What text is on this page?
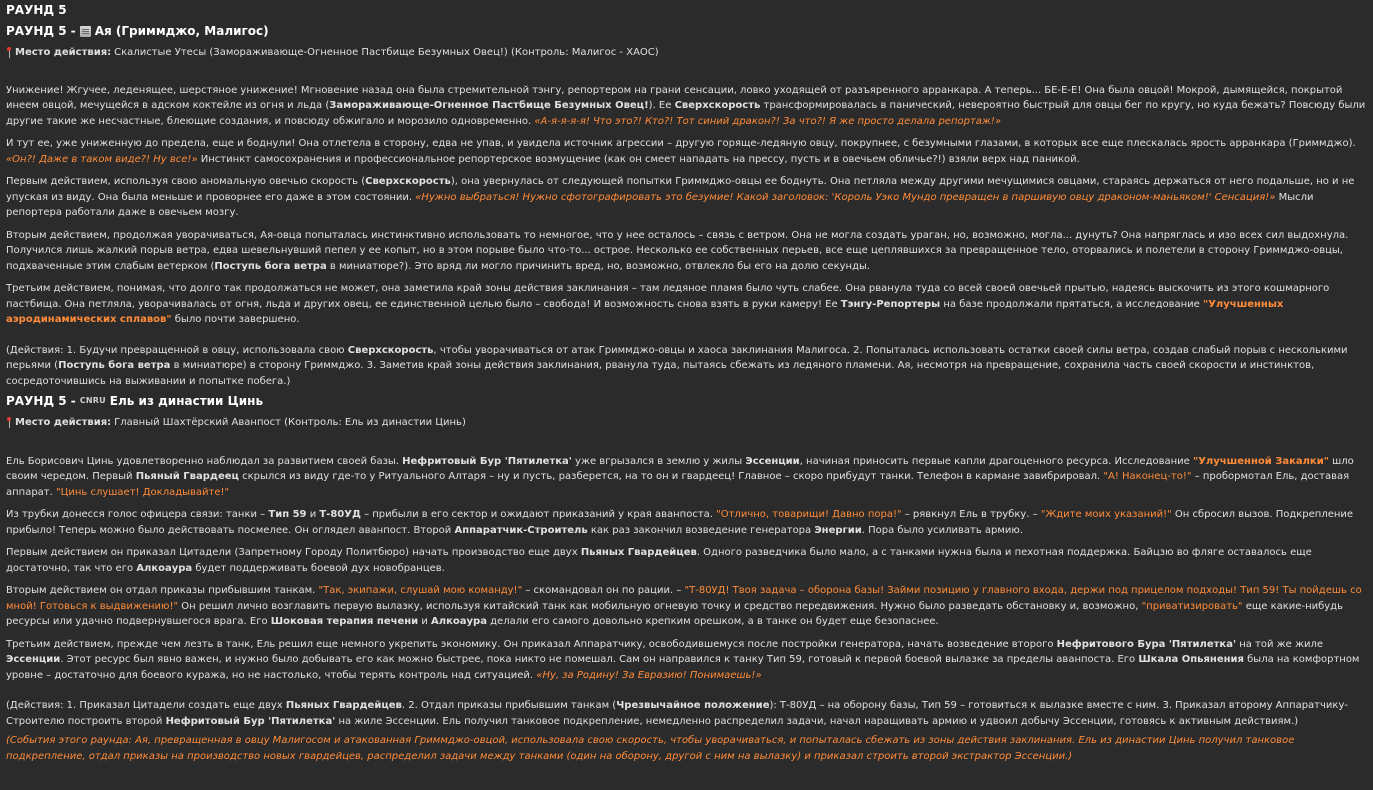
РАУНД 5
РАУНД 5 - Ая (Гриммджо, Малигос)
Место действия: Скалистые Утесы (Замораживающе-Огненное Пастбище Безумных Овец!) (Контроль: Малигос - ХАОС)

Унижение! Жгучее, леденящее, шерстяное унижение! Мгновение назад она была стремительной тэнгу, репортером на грани сенсации, ловко уходящей от разъяренного арранкара. А теперь... БЕ-Е-Е! Она была овцой! Мокрой, дымящейся, покрытой инеем овцой, мечущейся в адском коктейле из огня и льда (Замораживающе-Огненное Пастбище Безумных Овец!). Ее Сверхскорость трансформировалась в панический, невероятно быстрый для овцы бег по кругу, но куда бежать? Повсюду были другие такие же несчастные, блеющие создания, и повсюду обжигало и морозило одновременно. «А-я-я-я-я! Что это?! Кто?! Тот синий дракон?! За что?! Я же просто делала репортаж!»

И тут ее, уже униженную до предела, еще и боднули! Она отлетела в сторону, едва не упав, и увидела источник агрессии – другую горяще-ледяную овцу, покрупнее, с безумными глазами, в которых все еще плескалась ярость арранкара (Гриммджо). «Он?! Даже в таком виде?! Ну все!» Инстинкт самосохранения и профессиональное репортерское возмущение (как он смеет нападать на прессу, пусть и в овечьем обличье?!) взяли верх над паникой.

Первым действием, используя свою аномальную овечью скорость (Сверхскорость), она увернулась от следующей попытки Гриммджо-овцы ее боднуть. Она петляла между другими мечущимися овцами, стараясь держаться от него подальше, но и не упуская из виду. Она была меньше и проворнее его даже в этом состоянии. «Нужно выбраться! Нужно сфотографировать это безумие! Какой заголовок: 'Король Уэко Мундо превращен в паршивую овцу драконом-маньяком!' Сенсация!» Мысли репортера работали даже в овечьем мозгу.

Вторым действием, продолжая уворачиваться, Ая-овца попыталась инстинктивно использовать то немногое, что у нее осталось – связь с ветром. Она не могла создать ураган, но, возможно, могла... дунуть? Она напряглась и изо всех сил выдохнула. Получился лишь жалкий порыв ветра, едва шевельнувший пепел у ее копыт, но в этом порыве было что-то... острое. Несколько ее собственных перьев, все еще цеплявшихся за превращенное тело, оторвались и полетели в сторону Гриммджо-овцы, подхваченные этим слабым ветерком (Поступь бога ветра в миниатюре?). Это вряд ли могло причинить вред, но, возможно, отвлекло бы его на долю секунды.

Третьим действием, понимая, что долго так продолжаться не может, она заметила край зоны действия заклинания – там ледяное пламя было чуть слабее. Она рванула туда со всей своей овечьей прытью, надеясь выскочить из этого кошмарного пастбища. Она петляла, уворачивалась от огня, льда и других овец, ее единственной целью было – свобода! И возможность снова взять в руки камеру! Ее Тэнгу-Репортеры на базе продолжали прятаться, а исследование "Улучшенных аэродинамических сплавов" было почти завершено.

(Действия: 1. Будучи превращенной в овцу, использовала свою Сверхскорость, чтобы уворачиваться от атак Гриммджо-овцы и хаоса заклинания Малигоса. 2. Попыталась использовать остатки своей силы ветра, создав слабый порыв с несколькими перьями (Поступь бога ветра в миниатюре) в сторону Гриммджо. 3. Заметив край зоны действия заклинания, рванула туда, пытаясь сбежать из ледяного пламени. Ая, несмотря на превращение, сохранила часть своей скорости и инстинктов, сосредоточившись на выживании и попытке побега.)

РАУНД 5 - CNRU Ель из династии Цинь
Место действия: Главный Шахтёрский Аванпост (Контроль: Ель из династии Цинь)

Ель Борисович Цинь удовлетворенно наблюдал за развитием своей базы. Нефритовый Бур 'Пятилетка' уже вгрызался в землю у жилы Эссенции, начиная приносить первые капли драгоценного ресурса. Исследование "Улучшенной Закалки" шло своим чередом. Первый Пьяный Гвардеец скрылся из виду где-то у Ритуального Алтаря – ну и пусть, разберется, на то он и гвардеец! Главное – скоро прибудут танки. Телефон в кармане завибрировал. "А! Наконец-то!" – пробормотал Ель, доставая аппарат. "Цинь слушает! Докладывайте!"

Из трубки донесся голос офицера связи: танки – Тип 59 и Т-80УД – прибыли в его сектор и ожидают приказаний у края аванпоста. "Отлично, товарищи! Давно пора!" – рявкнул Ель в трубку. – "Ждите моих указаний!" Он сбросил вызов. Подкрепление прибыло! Теперь можно было действовать посмелее. Он оглядел аванпост. Второй Аппаратчик-Строитель как раз закончил возведение генератора Энергии. Пора было усиливать армию.

Первым действием он приказал Цитадели (Запретному Городу Политбюро) начать производство еще двух Пьяных Гвардейцев. Одного разведчика было мало, а с танками нужна была и пехотная поддержка. Байцзю во фляге оставалось еще достаточно, так что его Алкоаура будет поддерживать боевой дух новобранцев.

Вторым действием он отдал приказы прибывшим танкам. "Так, экипажи, слушай мою команду!" – скомандовал он по рации. – "Т-80УД! Твоя задача – оборона базы! Займи позицию у главного входа, держи под прицелом подходы! Тип 59! Ты пойдешь со мной! Готовься к выдвижению!" Он решил лично возглавить первую вылазку, используя китайский танк как мобильную огневую точку и средство передвижения. Нужно было разведать обстановку и, возможно, "приватизировать" еще какие-нибудь ресурсы или удачно подвернувшегося врага. Его Шоковая терапия печени и Алкоаура делали его самого довольно крепким орешком, а в танке он будет еще безопаснее.

Третьим действием, прежде чем лезть в танк, Ель решил еще немного укрепить экономику. Он приказал Аппаратчику, освободившемуся после постройки генератора, начать возведение второго Нефритового Бура 'Пятилетка' на той же жиле Эссенции. Этот ресурс был явно важен, и нужно было добывать его как можно быстрее, пока никто не помешал. Сам он направился к танку Тип 59, готовый к первой боевой вылазке за пределы аванпоста. Его Шкала Опьянения была на комфортном уровне – достаточно для боевого куража, но не настолько, чтобы терять контроль над ситуацией. «Ну, за Родину! За Евразию! Понимаешь!»

(Действия: 1. Приказал Цитадели создать еще двух Пьяных Гвардейцев. 2. Отдал приказы прибывшим танкам (Чрезвычайное положение): Т-80УД – на оборону базы, Тип 59 – готовиться к вылазке вместе с ним. 3. Приказал второму Аппаратчику-Строителю построить второй Нефритовый Бур 'Пятилетка' на жиле Эссенции. Ель получил танковое подкрепление, немедленно распределил задачи, начал наращивать армию и удвоил добычу Эссенции, готовясь к активным действиям.)

(События этого раунда: Ая, превращенная в овцу Малигосом и атакованная Гриммджо-овцой, использовала свою скорость, чтобы уворачиваться, и попыталась сбежать из зоны действия заклинания. Ель из династии Цинь получил танковое подкрепление, отдал приказы на производство новых гвардейцев, распределил задачи между танками (один на оборону, другой с ним на вылазку) и приказал строить второй экстрактор Эссенции.)
